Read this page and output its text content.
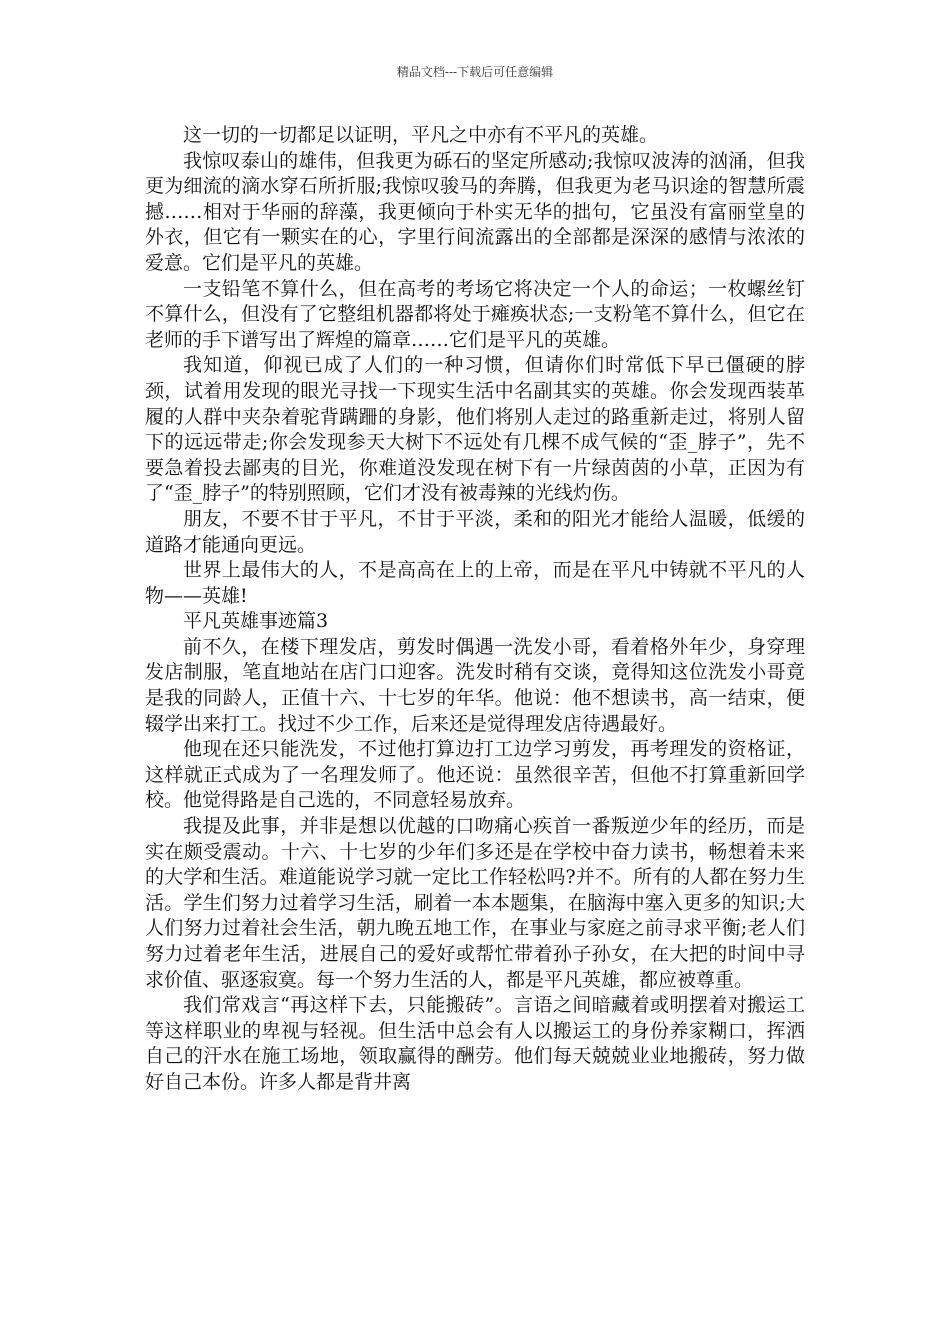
精品文档---下载后可任意编辑

这一切的一切都足以证明，平凡之中亦有不平凡的英雄。

我惊叹泰山的雄伟，但我更为砾石的坚定所感动;我惊叹波涛的汹涌，但我更为细流的滴水穿石所折服;我惊叹骏马的奔腾，但我更为老马识途的智慧所震撼……相对于华丽的辞藻，我更倾向于朴实无华的拙句，它虽没有富丽堂皇的外衣，但它有一颗实在的心，字里行间流露出的全部都是深深的感情与浓浓的爱意。它们是平凡的英雄。

一支铅笔不算什么，但在高考的考场它将决定一个人的命运；一枚螺丝钉不算什么，但没有了它整组机器都将处于瘫痪状态;一支粉笔不算什么，但它在老师的手下谱写出了辉煌的篇章……它们是平凡的英雄。

我知道，仰视已成了人们的一种习惯，但请你们时常低下早已僵硬的脖颈，试着用发现的眼光寻找一下现实生活中名副其实的英雄。你会发现西装革履的人群中夹杂着驼背蹒跚的身影，他们将别人走过的路重新走过，将别人留下的远远带走;你会发现参天大树下不远处有几棵不成气候的“歪_脖子”，先不要急着投去鄙夷的目光，你难道没发现在树下有一片绿茵茵的小草，正因为有了“歪_脖子”的特别照顾，它们才没有被毒辣的光线灼伤。

朋友，不要不甘于平凡，不甘于平淡，柔和的阳光才能给人温暖，低缓的道路才能通向更远。

世界上最伟大的人，不是高高在上的上帝，而是在平凡中铸就不平凡的人物——英雄!

平凡英雄事迹篇3

前不久，在楼下理发店，剪发时偶遇一洗发小哥，看着格外年少，身穿理发店制服，笔直地站在店门口迎客。洗发时稍有交谈，竟得知这位洗发小哥竟是我的同龄人，正值十六、十七岁的年华。他说：他不想读书，高一结束，便辍学出来打工。找过不少工作，后来还是觉得理发店待遇最好。

他现在还只能洗发，不过他打算边打工边学习剪发，再考理发的资格证，这样就正式成为了一名理发师了。他还说：虽然很辛苦，但他不打算重新回学校。他觉得路是自己选的，不同意轻易放弃。

我提及此事，并非是想以优越的口吻痛心疾首一番叛逆少年的经历，而是实在颇受震动。十六、十七岁的少年们多还是在学校中奋力读书，畅想着未来的大学和生活。难道能说学习就一定比工作轻松吗?并不。所有的人都在努力生活。学生们努力过着学习生活，刷着一本本题集，在脑海中塞入更多的知识;大人们努力过着社会生活，朝九晚五地工作，在事业与家庭之前寻求平衡;老人们努力过着老年生活，进展自己的爱好或帮忙带着孙子孙女，在大把的时间中寻求价值、驱逐寂寞。每一个努力生活的人，都是平凡英雄，都应被尊重。

我们常戏言“再这样下去，只能搬砖”。言语之间暗藏着或明摆着对搬运工等这样职业的卑视与轻视。但生活中总会有人以搬运工的身份养家糊口，挥洒自己的汗水在施工场地，领取赢得的酬劳。他们每天兢兢业业地搬砖，努力做好自己本份。许多人都是背井离
